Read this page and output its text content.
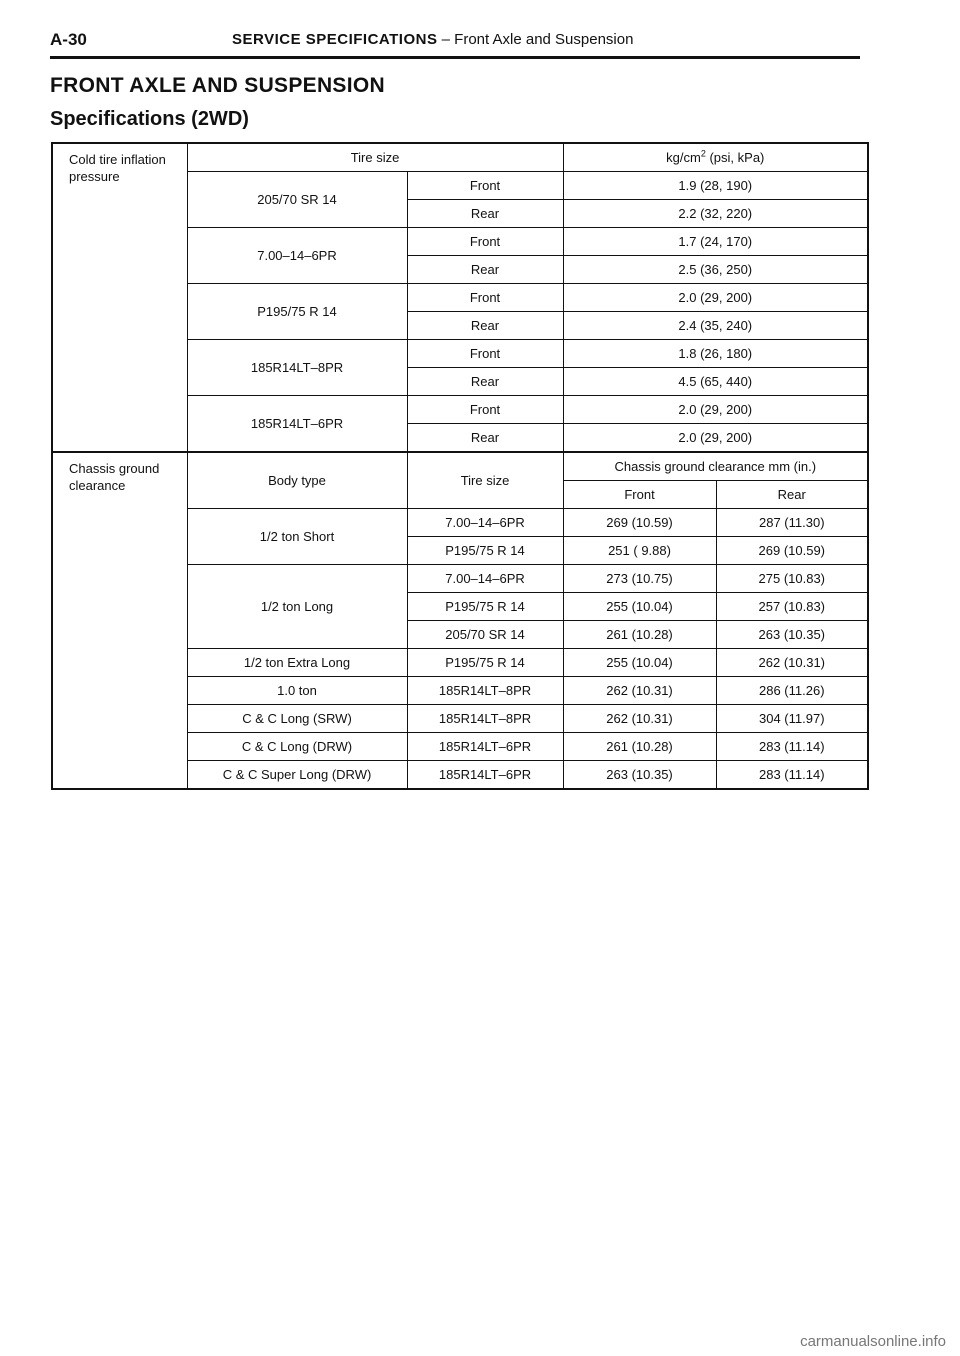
A-30	SERVICE SPECIFICATIONS – Front Axle and Suspension
FRONT AXLE AND SUSPENSION
Specifications (2WD)
Cold tire inflation pressure	Tire size		$kg/cm^2$ (psi, kPa)	
	205/70 SR 14	Front	1.9 (28, 190)	
		Rear	2.2 (32, 220)	
	7.00–14–6PR	Front	1.7 (24, 170)	
		Rear	2.5 (36, 250)	
	P195/75 R 14	Front	2.0 (29, 200)	
		Rear	2.4 (35, 240)	
	185R14LT–8PR	Front	1.8 (26, 180)	
		Rear	4.5 (65, 440)	
	185R14LT–6PR	Front	2.0 (29, 200)	
		Rear	2.0 (29, 200)	
Chassis ground clearance	Body type	Tire size	Chassis ground clearance mm (in.)	
			Front	Rear
	1/2 ton Short	7.00–14–6PR	269 (10.59)	287 (11.30)
		P195/75 R 14	251 ( 9.88)	269 (10.59)
	1/2 ton Long	7.00–14–6PR	273 (10.75)	275 (10.83)
		P195/75 R 14	255 (10.04)	257 (10.83)
		205/70 SR 14	261 (10.28)	263 (10.35)
	1/2 ton Extra Long	P195/75 R 14	255 (10.04)	262 (10.31)
	1.0 ton	185R14LT–8PR	262 (10.31)	286 (11.26)
	C & C Long (SRW)	185R14LT–8PR	262 (10.31)	304 (11.97)
	C & C Long (DRW)	185R14LT–6PR	261 (10.28)	283 (11.14)
	C & C Super Long (DRW)	185R14LT–6PR	263 (10.35)	283 (11.14)
carmanualsonline.info
